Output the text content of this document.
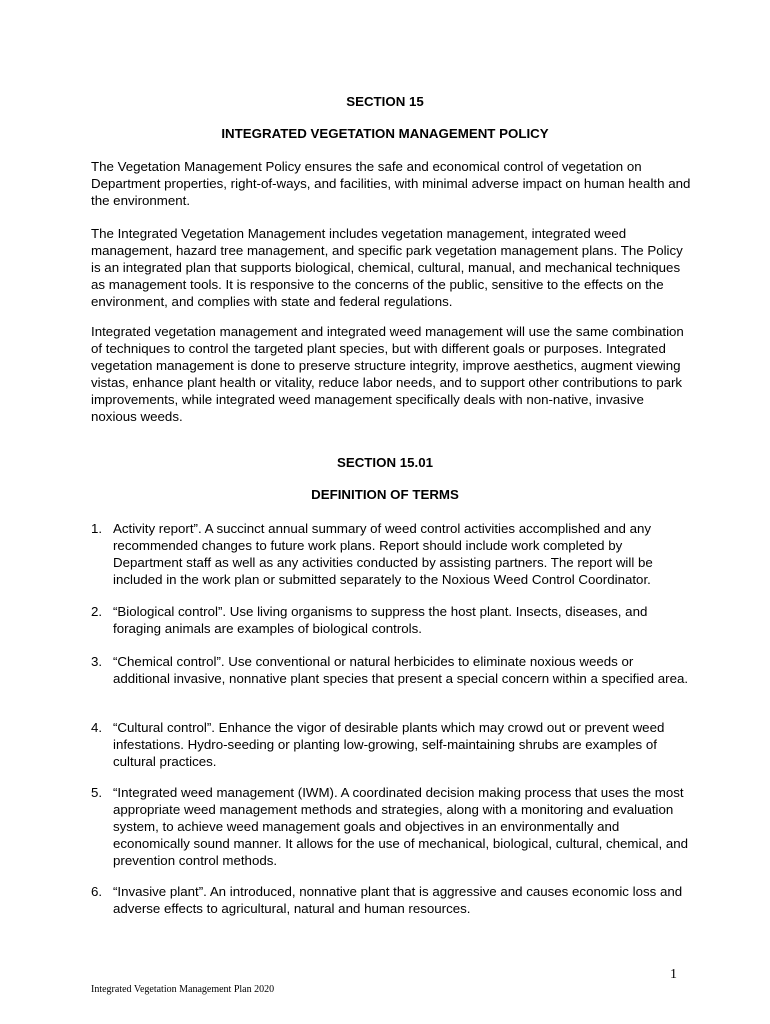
SECTION 15
INTEGRATED VEGETATION MANAGEMENT POLICY
The Vegetation Management Policy ensures the safe and economical control of vegetation on Department properties, right-of-ways, and facilities, with minimal adverse impact on human health and the environment.
The Integrated Vegetation Management includes vegetation management, integrated weed management, hazard tree management, and specific park vegetation management plans. The Policy is an integrated plan that supports biological, chemical, cultural, manual, and mechanical techniques as management tools. It is responsive to the concerns of the public, sensitive to the effects on the environment, and complies with state and federal regulations.
Integrated vegetation management and integrated weed management will use the same combination of techniques to control the targeted plant species, but with different goals or purposes. Integrated vegetation management is done to preserve structure integrity, improve aesthetics, augment viewing vistas, enhance plant health or vitality, reduce labor needs, and to support other contributions to park improvements, while integrated weed management specifically deals with non-native, invasive noxious weeds.
SECTION 15.01
DEFINITION OF TERMS
1. Activity report”. A succinct annual summary of weed control activities accomplished and any recommended changes to future work plans. Report should include work completed by Department staff as well as any activities conducted by assisting partners. The report will be included in the work plan or submitted separately to the Noxious Weed Control Coordinator.
2. “Biological control”. Use living organisms to suppress the host plant. Insects, diseases, and foraging animals are examples of biological controls.
3. “Chemical control”. Use conventional or natural herbicides to eliminate noxious weeds or additional invasive, nonnative plant species that present a special concern within a specified area.
4. “Cultural control”. Enhance the vigor of desirable plants which may crowd out or prevent weed infestations. Hydro-seeding or planting low-growing, self-maintaining shrubs are examples of cultural practices.
5. “Integrated weed management (IWM). A coordinated decision making process that uses the most appropriate weed management methods and strategies, along with a monitoring and evaluation system, to achieve weed management goals and objectives in an environmentally and economically sound manner. It allows for the use of mechanical, biological, cultural, chemical, and prevention control methods.
6. “Invasive plant”. An introduced, nonnative plant that is aggressive and causes economic loss and adverse effects to agricultural, natural and human resources.
1
Integrated Vegetation Management Plan 2020
